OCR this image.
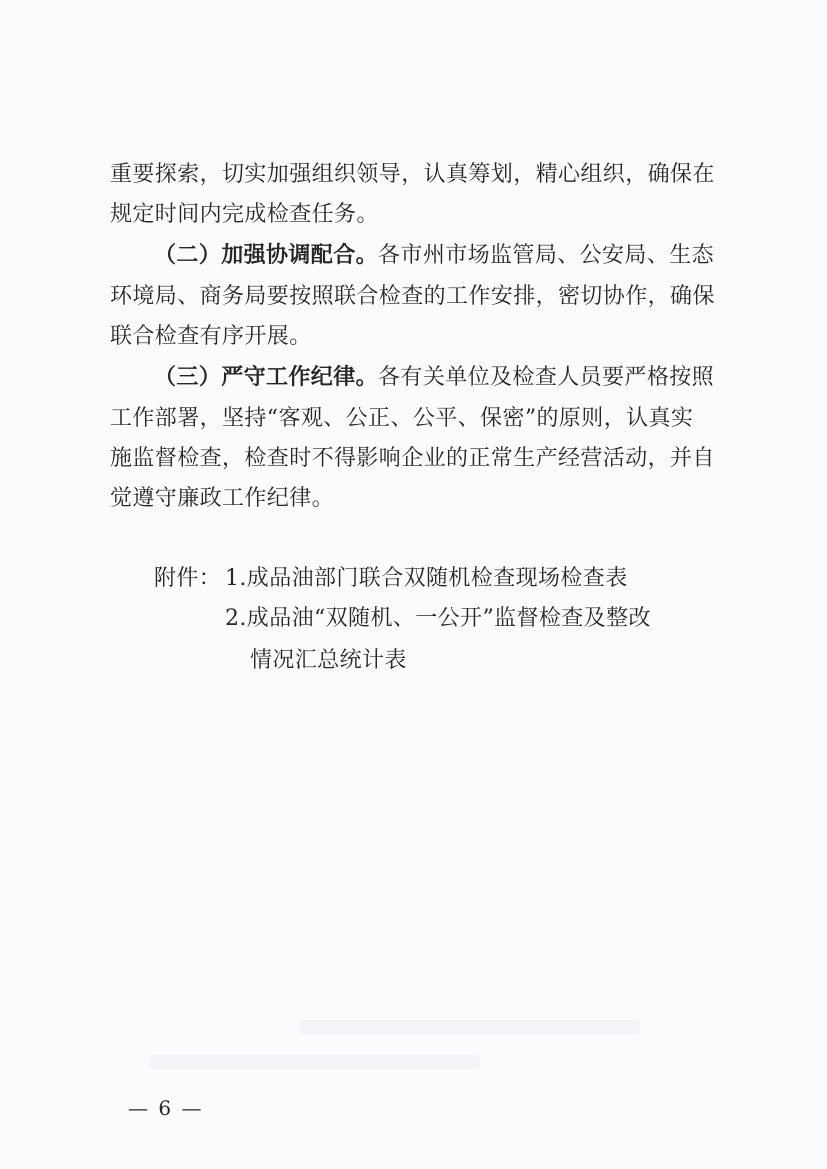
重要探索，切实加强组织领导，认真筹划，精心组织，确保在
规定时间内完成检查任务。
（二）加强协调配合。各市州市场监管局、公安局、生态
环境局、商务局要按照联合检查的工作安排，密切协作，确保
联合检查有序开展。
（三）严守工作纪律。各有关单位及检查人员要严格按照
工作部署，坚持“客观、公正、公平、保密”的原则，认真实
施监督检查，检查时不得影响企业的正常生产经营活动，并自
觉遵守廉政工作纪律。
附件： 1.成品油部门联合双随机检查现场检查表
2.成品油“双随机、一公开”监督检查及整改
情况汇总统计表
— 6 —
